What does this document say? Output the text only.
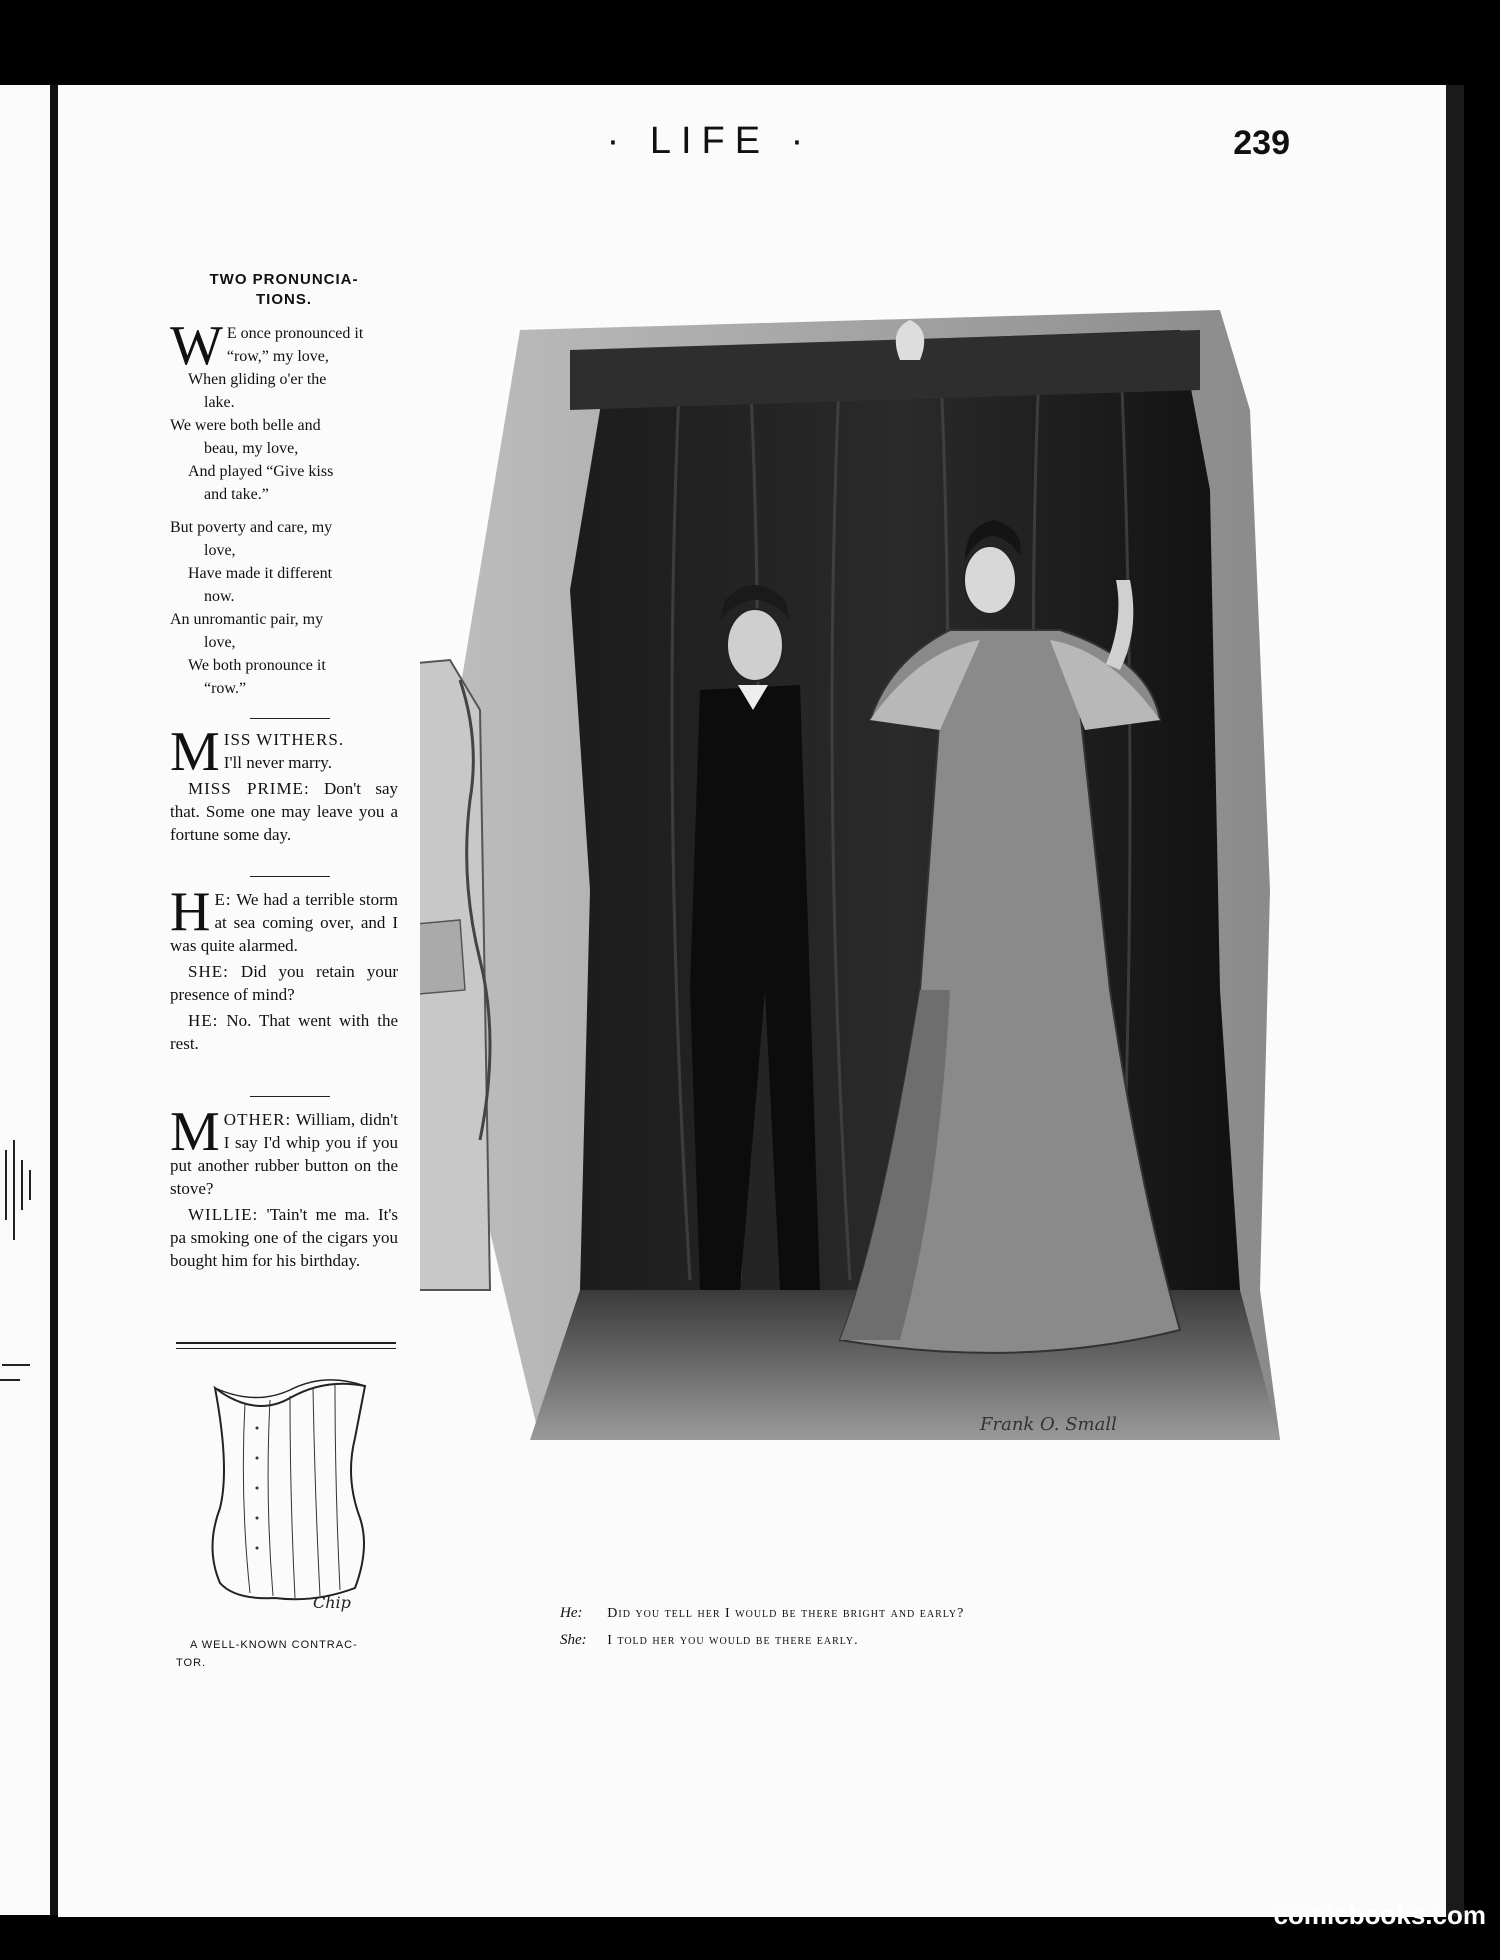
· LIFE ·	239
TWO PRONUNCIA-
TIONS.
W E once pronounced it
“row,” my love,
When gliding o'er the
lake.
We were both belle and
beau, my love,
And played “Give kiss
and take.”
But poverty and care, my
love,
Have made it different
now.
An unromantic pair, my
love,
We both pronounce it
“row.”
M ISS WITHERS.
I'll never marry.

MISS PRIME: Don't say that. Some one may leave you a fortune some day.

H E: We had a terrible storm at sea coming over, and I was quite alarmed.

SHE: Did you retain your presence of mind?

HE: No. That went with the rest.

M OTHER: William, didn't I say I'd whip you if you put another rubber button on the stove?

WILLIE: 'Tain't me ma. It's pa smoking one of the cigars you bought him for his birthday.

Chip
A WELL-KNOWN CONTRAC-
TOR.
Frank O. Small
He: Did you tell her I would be there bright and early?
She: I told her you would be there early.
comicbooks.com
